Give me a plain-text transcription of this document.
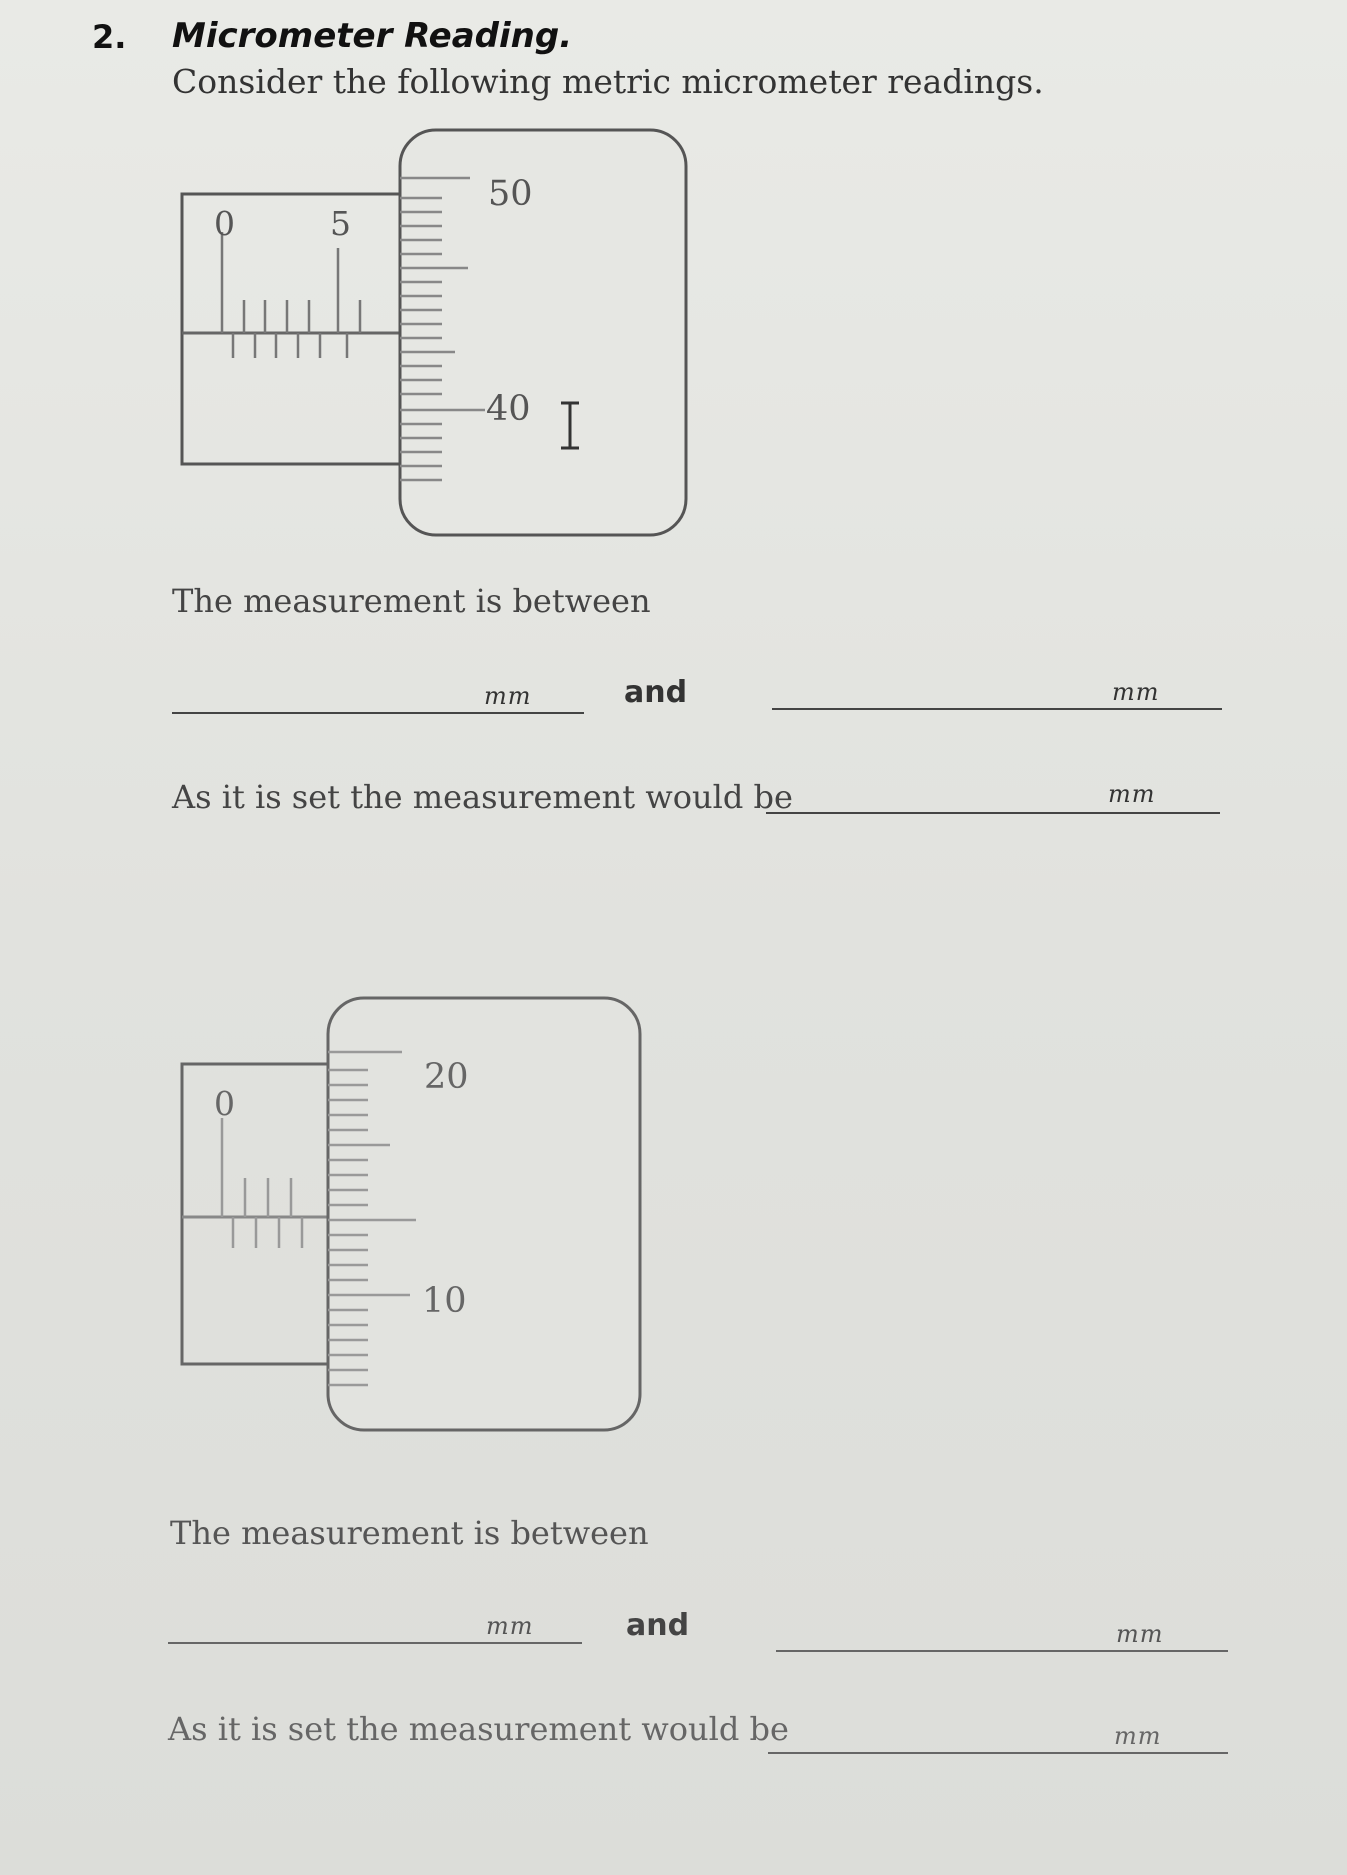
2. Micrometer Reading.
Consider the following metric micrometer readings.
0	5
50
40
The measurement is between
mm	and	mm
As it is set the measurement would be	mm
0
20
10
The measurement is between
mm	and	mm
As it is set the measurement would be	mm
